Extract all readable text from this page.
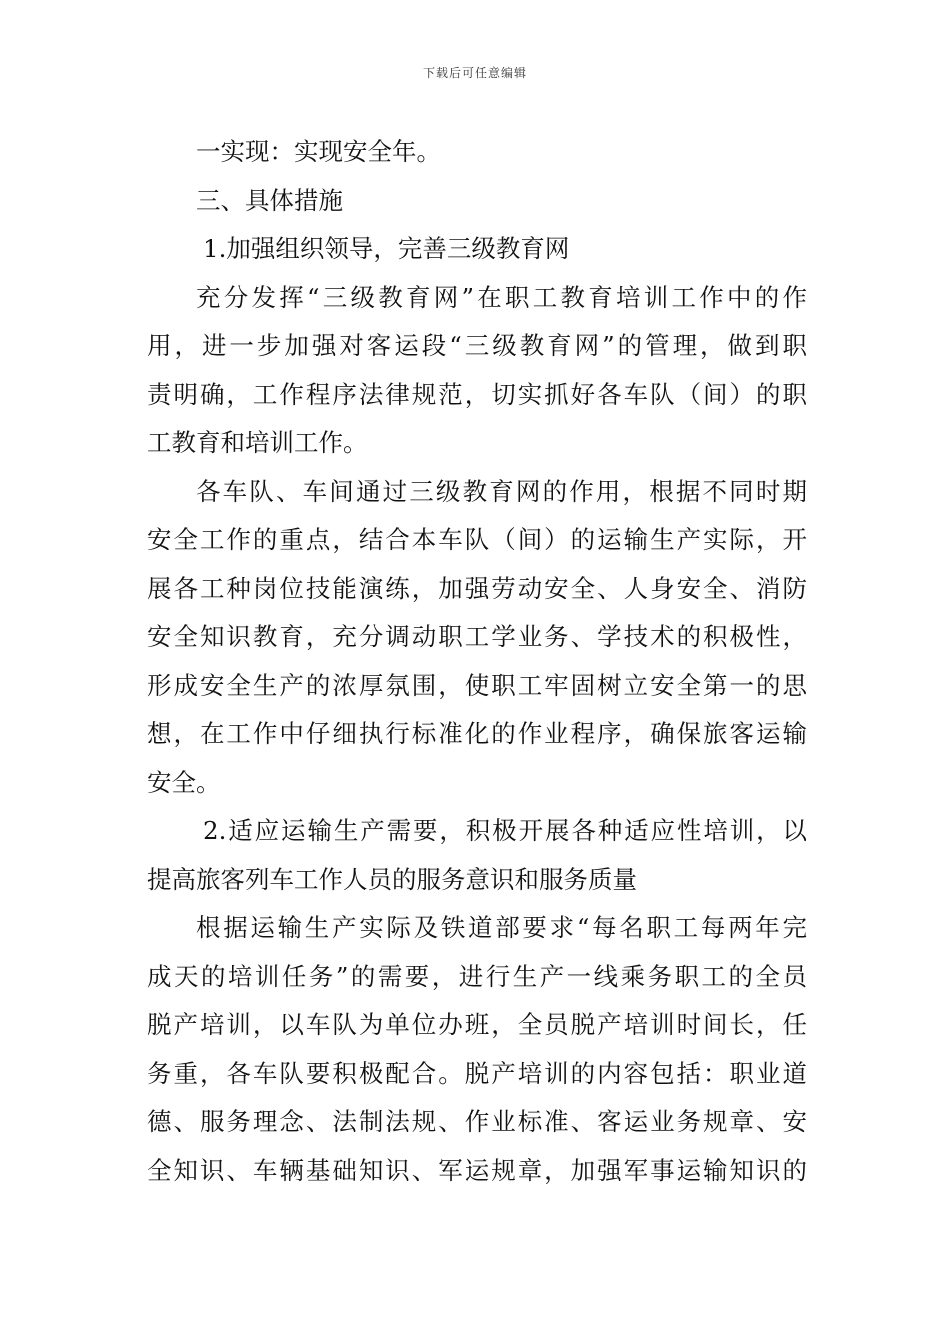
下载后可任意编辑
一实现：实现安全年。
三、具体措施
1.加强组织领导，完善三级教育网
充分发挥“三级教育网”在职工教育培训工作中的作
用，进一步加强对客运段“三级教育网”的管理，做到职
责明确，工作程序法律规范，切实抓好各车队（间）的职
工教育和培训工作。
各车队、车间通过三级教育网的作用，根据不同时期
安全工作的重点，结合本车队（间）的运输生产实际，开
展各工种岗位技能演练，加强劳动安全、人身安全、消防
安全知识教育，充分调动职工学业务、学技术的积极性，
形成安全生产的浓厚氛围，使职工牢固树立安全第一的思
想，在工作中仔细执行标准化的作业程序，确保旅客运输
安全。
2.适应运输生产需要，积极开展各种适应性培训，以
提高旅客列车工作人员的服务意识和服务质量
根据运输生产实际及铁道部要求“每名职工每两年完
成天的培训任务”的需要，进行生产一线乘务职工的全员
脱产培训，以车队为单位办班，全员脱产培训时间长，任
务重，各车队要积极配合。脱产培训的内容包括：职业道
德、服务理念、法制法规、作业标准、客运业务规章、安
全知识、车辆基础知识、军运规章，加强军事运输知识的
